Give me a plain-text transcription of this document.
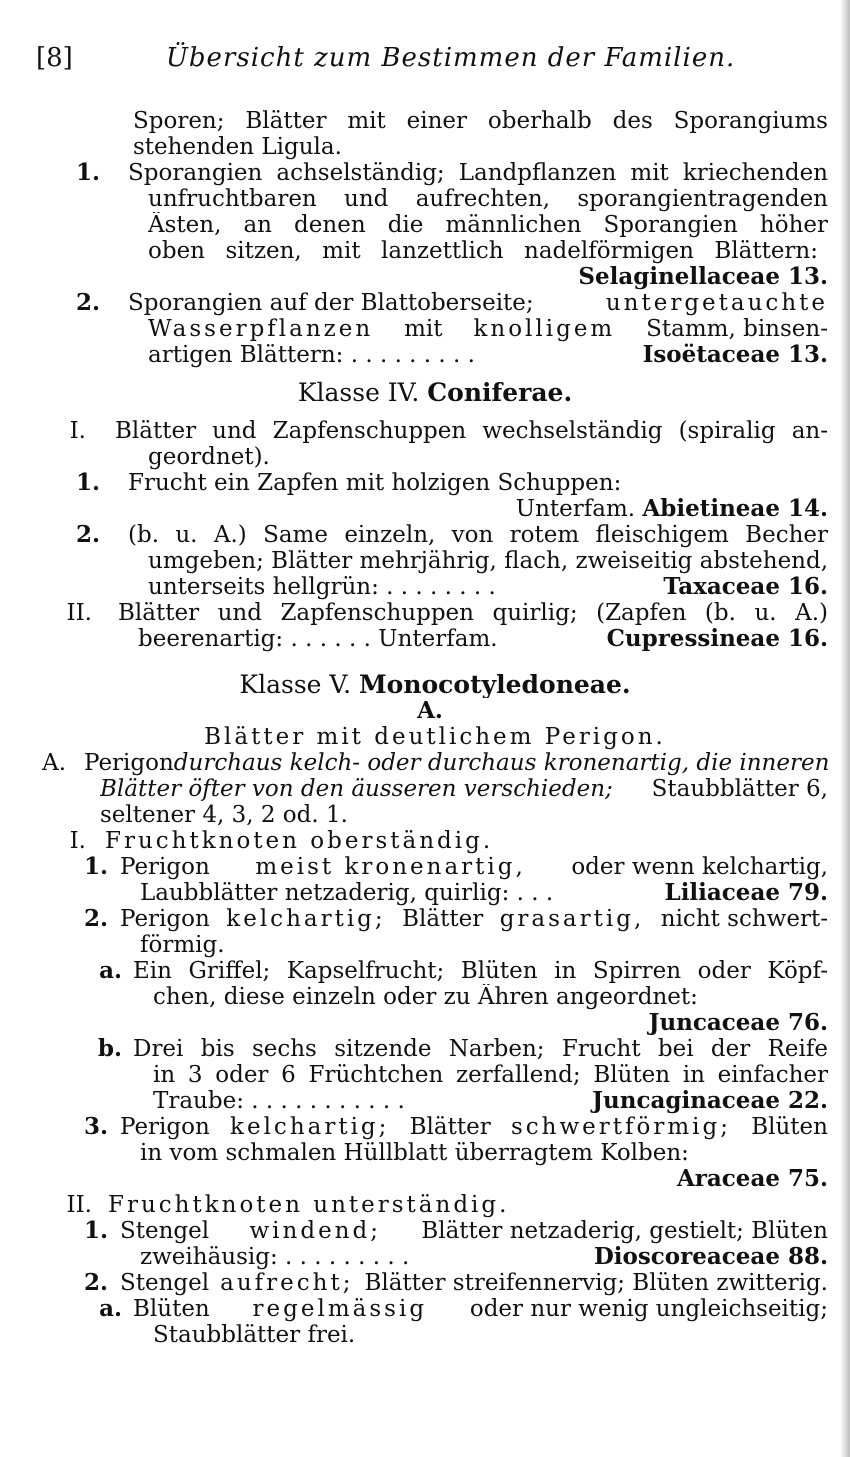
[8]	Übersicht zum Bestimmen der Familien.
Sporen; Blätter mit einer oberhalb des Sporangiums
stehenden Ligula.
1. Sporangien achselständig; Landpflanzen mit kriechenden
unfruchtbaren und aufrechten, sporangientragenden
Ästen, an denen die männlichen Sporangien höher
oben sitzen, mit lanzettlich nadelförmigen Blättern:
Selaginellaceae 13.
2. Sporangien auf der Blattoberseite;	untergetauchte
Wasserpflanzen mit knolligem Stamm, binsen-
artigen Blättern: . . . . . . . . .	Isoëtaceae 13.
Klasse IV. Coniferae.
I. Blätter und Zapfenschuppen wechselständig (spiralig an-
geordnet).
1. Frucht ein Zapfen mit holzigen Schuppen:
Unterfam. Abietineae 14.
2. (b. u. A.) Same einzeln, von rotem fleischigem Becher
umgeben; Blätter mehrjährig, flach, zweiseitig abstehend,
unterseits hellgrün: . . . . . . . .	Taxaceae 16.
II. Blätter und Zapfenschuppen quirlig; (Zapfen (b. u. A.)
beerenartig: . . . . . . Unterfam.	Cupressineae 16.
Klasse V. Monocotyledoneae.
A.
Blätter mit deutlichem Perigon.
A. Perigon durchaus kelch- oder durchaus kronenartig, die inneren
Blätter öfter von den äusseren verschieden; Staubblätter 6,
seltener 4, 3, 2 od. 1.
I. Fruchtknoten oberständig.
1. Perigon meist kronenartig, oder wenn kelchartig,
Laubblätter netzaderig, quirlig: . . .	Liliaceae 79.
2. Perigon kelchartig; Blätter grasartig, nicht schwert-
förmig.
a. Ein Griffel; Kapselfrucht; Blüten in Spirren oder Köpf-
chen, diese einzeln oder zu Ähren angeordnet:
Juncaceae 76.
b. Drei bis sechs sitzende Narben; Frucht bei der Reife
in 3 oder 6 Früchtchen zerfallend; Blüten in einfacher
Traube: . . . . . . . . . . .	Juncaginaceae 22.
3. Perigon kelchartig; Blätter schwertförmig; Blüten
in vom schmalen Hüllblatt überragtem Kolben:
Araceae 75.
II. Fruchtknoten unterständig.
1. Stengel windend; Blätter netzaderig, gestielt; Blüten
zweihäusig: . . . . . . . . .	Dioscoreaceae 88.
2. Stengel aufrecht; Blätter streifennervig; Blüten zwitterig.
a. Blüten regelmässig oder nur wenig ungleichseitig;
Staubblätter frei.
